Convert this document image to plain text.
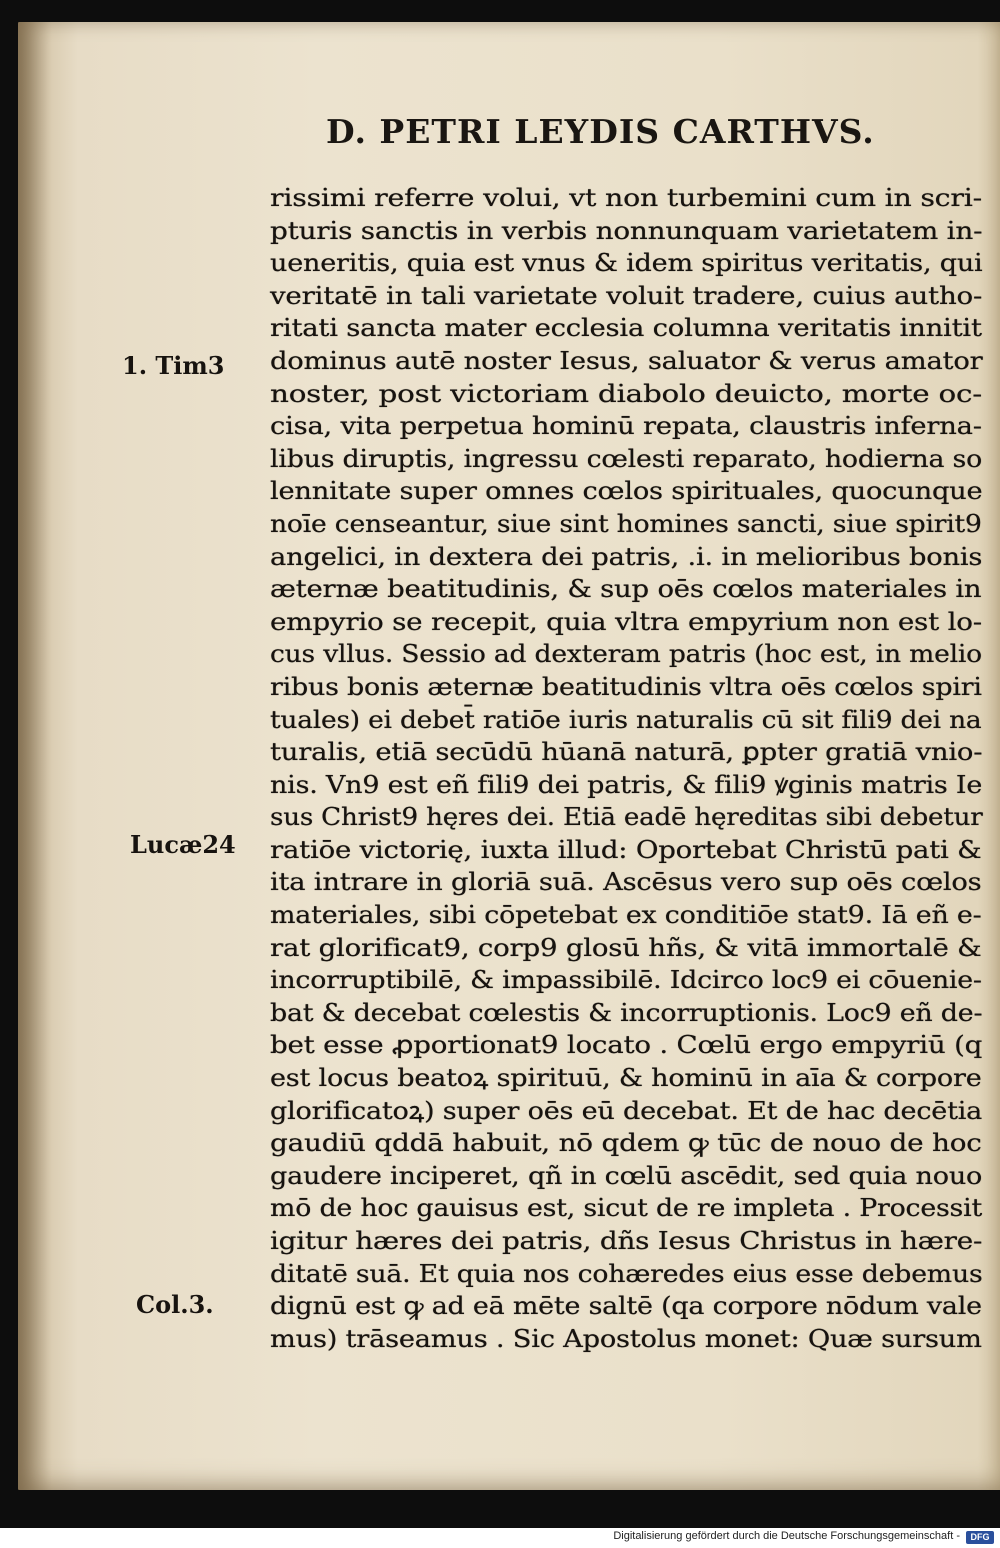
D. PETRI LEYDIS CARTHVS.
rissimi referre volui, vt non turbemini cum in scri-
pturis sanctis in verbis nonnunquam varietatem in-
ueneritis, quia est vnus & idem spiritus veritatis, qui
veritatē in tali varietate voluit tradere, cuius autho-
ritati sancta mater ecclesia columna veritatis innitit
dominus autē noster Iesus, saluator & verus amator
noster, post victoriam diabolo deuicto, morte oc-
cisa, vita perpetua hominū repata, claustris inferna-
libus diruptis, ingressu cœlesti reparato, hodierna so
lennitate super omnes cœlos spirituales, quocunque
noīe censeantur, siue sint homines sancti, siue spirit9
angelici, in dextera dei patris, .i. in melioribus bonis
æternæ beatitudinis, & sup oēs cœlos materiales in
empyrio se recepit, quia vltra empyrium non est lo-
cus vllus. Sessio ad dexteram patris (hoc est, in melio
ribus bonis æternæ beatitudinis vltra oēs cœlos spiri
tuales) ei debet̄ ratiōe iuris naturalis cū sit fili9 dei na
turalis, etiā secūdū hūanā naturā, ꝑpter gratiā vnio-
nis. Vn9 est eñ fili9 dei patris, & fili9 ꝟginis matris Ie
sus Christ9 hęres dei. Etiā eadē hęreditas sibi debetur
ratiōe victorię, iuxta illud: Oportebat Christū pati &
ita intrare in gloriā suā. Ascēsus vero sup oēs cœlos
materiales, sibi cōpetebat ex conditiōe stat9. Iā eñ e-
rat glorificat9, corp9 glosū hñs, & vitā immortalē &
incorruptibilē, & impassibilē. Idcirco loc9 ei cōuenie-
bat & decebat cœlestis & incorruptionis. Loc9 eñ de-
bet esse ꝓportionat9 locato . Cœlū ergo empyriū (q
est locus beatoꝝ spirituū, & hominū in aīa & corpore
glorificatoꝝ) super oēs eū decebat. Et de hac decētia
gaudiū qddā habuit, nō qdem ꝙ tūc de nouo de hoc
gaudere inciperet, qñ in cœlū ascēdit, sed quia nouo
mō de hoc gauisus est, sicut de re impleta . Processit
igitur hæres dei patris, dñs Iesus Christus in hære-
ditatē suā. Et quia nos cohæredes eius esse debemus
dignū est ꝙ ad eā mēte saltē (qa corpore nōdum vale
mus) trāseamus . Sic Apostolus monet: Quæ sursum
1. Tim3
Lucæ24
Col.3.
Digitalisierung gefördert durch die Deutsche Forschungsgemeinschaft -	DFG
